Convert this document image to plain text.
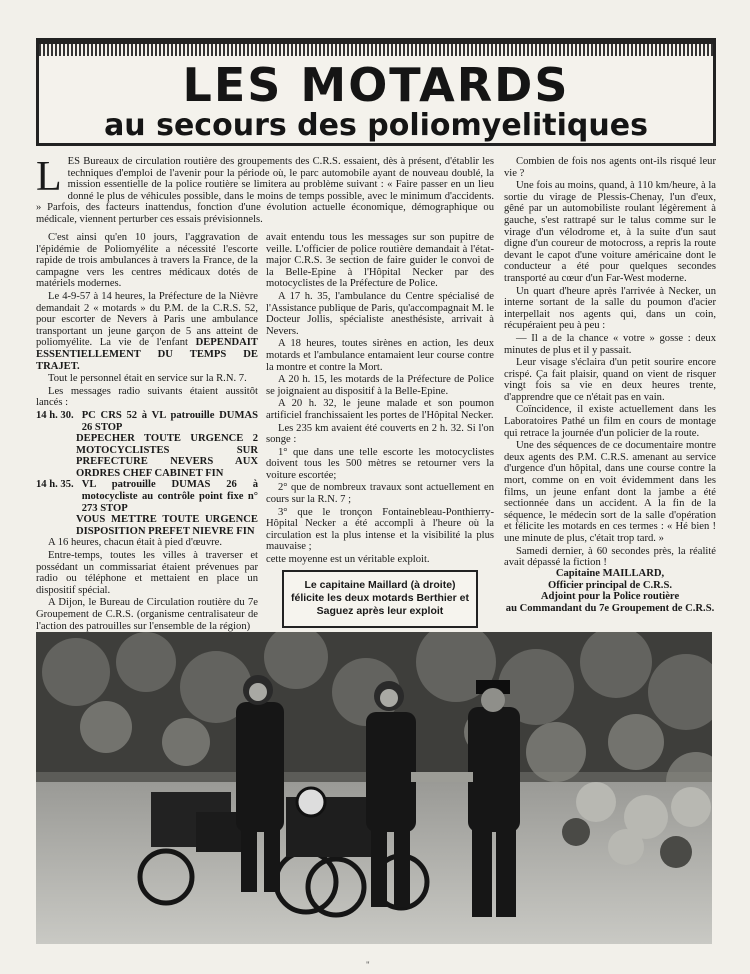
LES MOTARDS
au secours des poliomyelitiques
L ES Bureaux de circulation routière des groupements des C.R.S. essaient, dès à présent, d'établir les techniques d'emploi de l'avenir pour la période où, le parc automobile ayant de nouveau doublé, la mission essentielle de la police routière se limitera au problème suivant : « Faire passer en un lieu donné le plus de véhicules possible, dans le moins de temps possible, avec le minimum d'accidents. » Parfois, des facteurs inattendus, fonction d'une évolution actuelle économique, démographique ou médicale, viennent perturber ces essais prévisionnels.

C'est ainsi qu'en 10 jours, l'aggravation de l'épidémie de Poliomyélite a nécessité l'escorte rapide de trois ambulances à travers la France, de la campagne vers les centres médicaux dotés de matériels modernes.

Le 4-9-57 à 14 heures, la Préfecture de la Nièvre demandait 2 « motards » du P.M. de la C.R.S. 52, pour escorter de Nevers à Paris une ambulance transportant un jeune garçon de 5 ans atteint de poliomyélite. La vie de l'enfant DEPENDAIT ESSENTIELLEMENT DU TEMPS DE TRAJET.

Tout le personnel était en service sur la R.N. 7.

Les messages radio suivants étaient aussitôt lancés :

14 h. 30. PC CRS 52 à VL patrouille DUMAS 26 STOP
DEPECHER TOUTE URGENCE 2 MOTOCYCLISTES SUR PREFECTURE NEVERS AUX ORDRES CHEF CABINET FIN
14 h. 35. VL patrouille DUMAS 26 à motocycliste au contrôle point fixe n° 273 STOP
VOUS METTRE TOUTE URGENCE DISPOSITION PREFET NIEVRE FIN

A 16 heures, chacun était à pied d'œuvre.

Entre-temps, toutes les villes à traverser et possédant un commissariat étaient prévenues par radio ou téléphone et mettaient en place un dispositif spécial.

A Dijon, le Bureau de Circulation routière du 7e Groupement de C.R.S. (organisme centralisateur de l'action des patrouilles sur l'ensemble de la région)

avait entendu tous les messages sur son pupitre de veille. L'officier de police routière demandait à l'état-major C.R.S. 3e section de faire guider le convoi de la Belle-Epine à l'Hôpital Necker par des motocyclistes de la Préfecture de Police.

A 17 h. 35, l'ambulance du Centre spécialisé de l'Assistance publique de Paris, qu'accompagnait M. le Docteur Jollis, spécialiste anesthésiste, arrivait à Nevers.

A 18 heures, toutes sirènes en action, les deux motards et l'ambulance entamaient leur course contre la montre et contre la Mort.

A 20 h. 15, les motards de la Préfecture de Police se joignaient au dispositif à la Belle-Epine.

A 20 h. 32, le jeune malade et son poumon artificiel franchissaient les portes de l'Hôpital Necker.

Les 235 km avaient été couverts en 2 h. 32. Si l'on songe :

1° que dans une telle escorte les motocyclistes doivent tous les 500 mètres se retourner vers la voiture escortée;

2° que de nombreux travaux sont actuellement en cours sur la R.N. 7 ;

3° que le tronçon Fontainebleau-Ponthierry-Hôpital Necker a été accompli à l'heure où la circulation est la plus intense et la visibilité la plus mauvaise ;

cette moyenne est un véritable exploit.

Le capitaine Maillard (à droite) félicite les deux motards Berthier et Saguez après leur exploit

Combien de fois nos agents ont-ils risqué leur vie ?

Une fois au moins, quand, à 110 km/heure, à la sortie du virage de Plessis-Chenay, l'un d'eux, gêné par un automobiliste roulant légèrement à gauche, s'est rattrapé sur le talus comme sur le virage d'un vélodrome et, à la suite d'un saut digne d'un coureur de motocross, a repris la route devant le capot d'une voiture américaine dont le conducteur a été pour quelques secondes transporté au cœur d'un Far-West moderne.

Un quart d'heure après l'arrivée à Necker, un interne sortant de la salle du poumon d'acier interpellait nos agents qui, dans un coin, récupéraient peu à peu :

— Il a de la chance « votre » gosse : deux minutes de plus et il y passait.

Leur visage s'éclaira d'un petit sourire encore crispé. Ça fait plaisir, quand on vient de risquer vingt fois sa vie en deux heures trente, d'apprendre que ce n'était pas en vain.

Coïncidence, il existe actuellement dans les Laboratoires Pathé un film en cours de montage qui retrace la journée d'un policier de la route.

Une des séquences de ce documentaire montre deux agents des P.M. C.R.S. amenant au service d'urgence d'un hôpital, dans une course contre la mort, comme on en voit évidemment dans les films, un jeune enfant dont la jambe a été sectionnée dans un accident. A la fin de la séquence, le médecin sort de la salle d'opération et félicite les motards en ces termes : « Hé bien ! une minute de plus, c'était trop tard. »

Samedi dernier, à 60 secondes près, la réalité avait dépassé la fiction !

Capitaine MAILLARD,
Officier principal de C.R.S.
Adjoint pour la Police routière
au Commandant du 7e Groupement de C.R.S.
"
